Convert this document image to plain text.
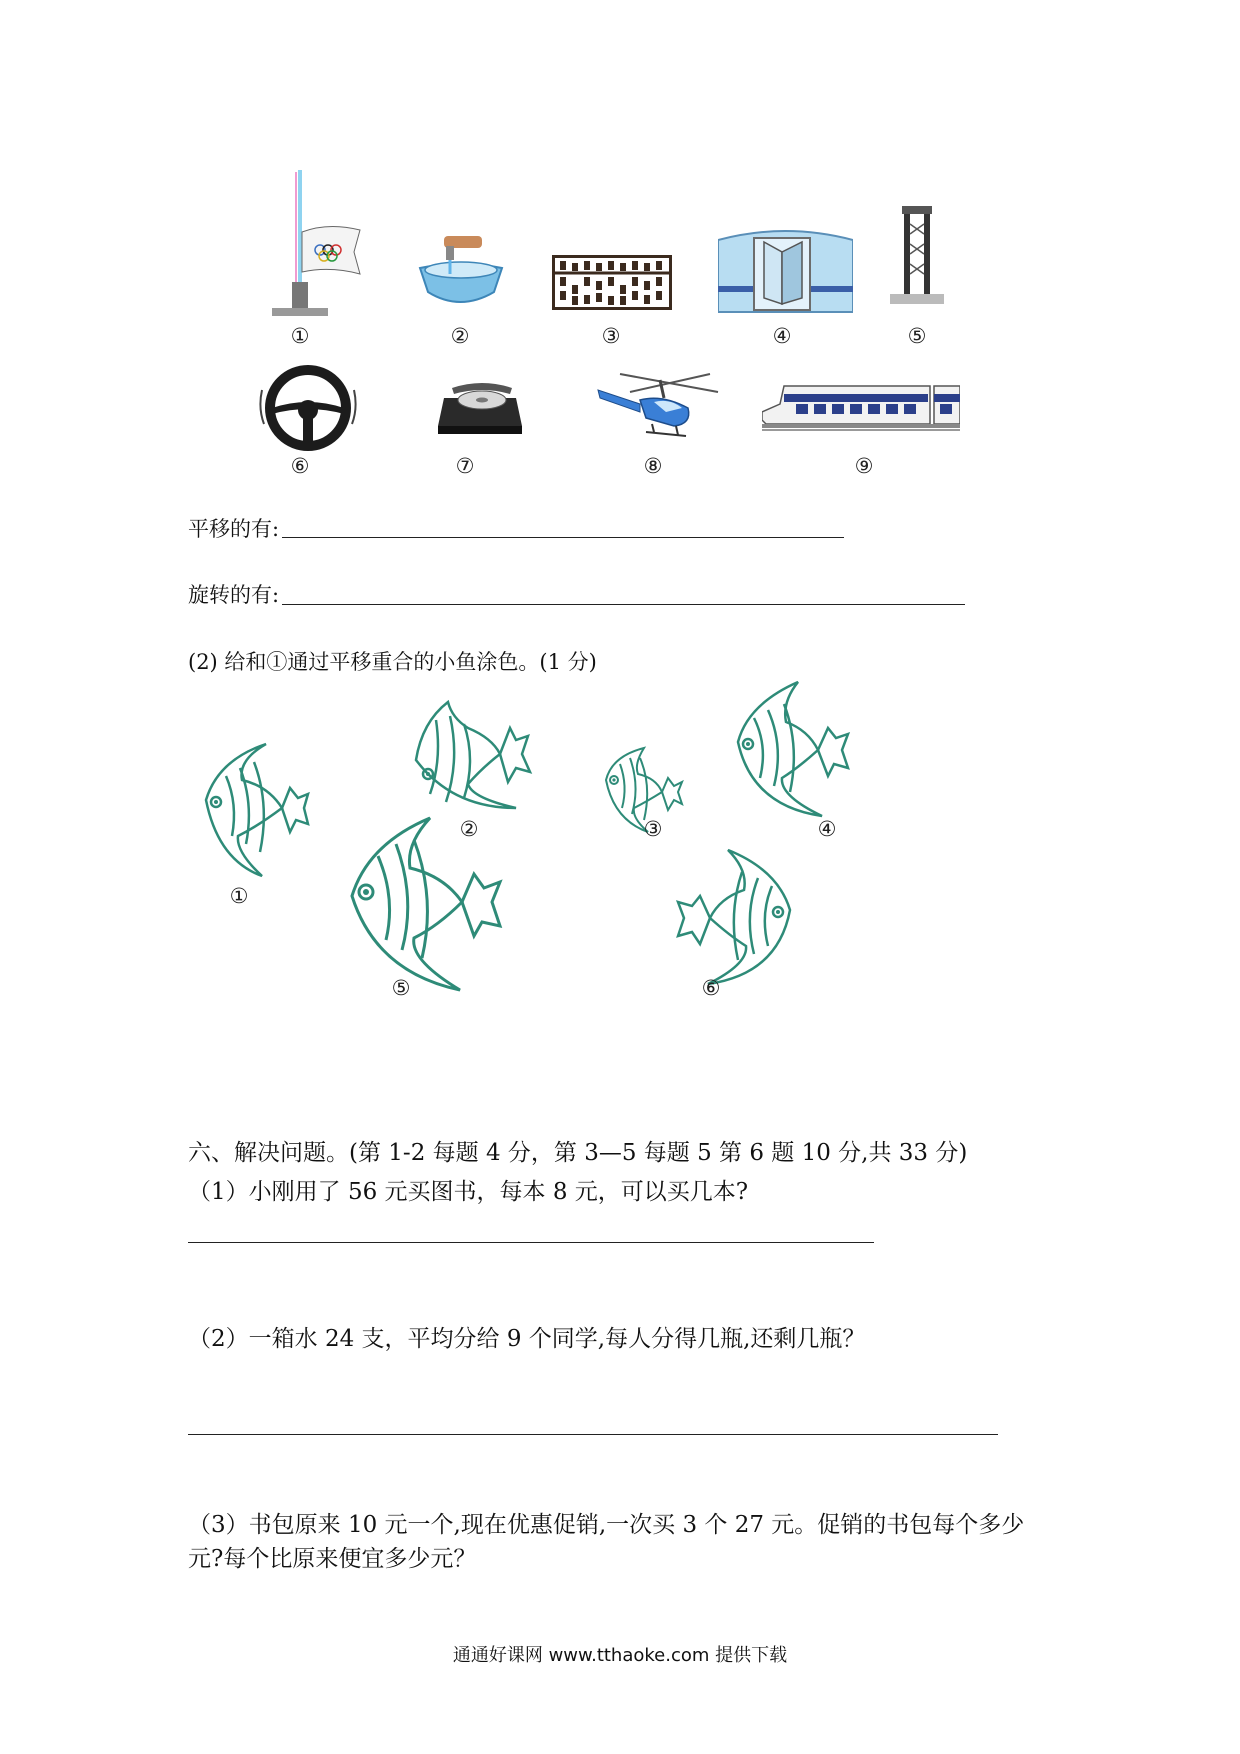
①	②	③	④	⑤
⑥	⑦	⑧	⑨
平移的有:
旋转的有:
(2) 给和①通过平移重合的小鱼涂色。(1 分)
①
②	③	④
⑤	⑥
六、解决问题。(第 1-2 每题 4 分，第 3—5 每题 5 第 6 题 10 分,共 33 分)
（1）小刚用了 56 元买图书，每本 8 元，可以买几本?
（2）一箱水 24 支，平均分给 9 个同学,每人分得几瓶,还剩几瓶？
（3）书包原来 10 元一个,现在优惠促销,一次买 3 个 27 元。促销的书包每个多少
元?每个比原来便宜多少元？
通通好课网 www.tthaoke.com 提供下载
